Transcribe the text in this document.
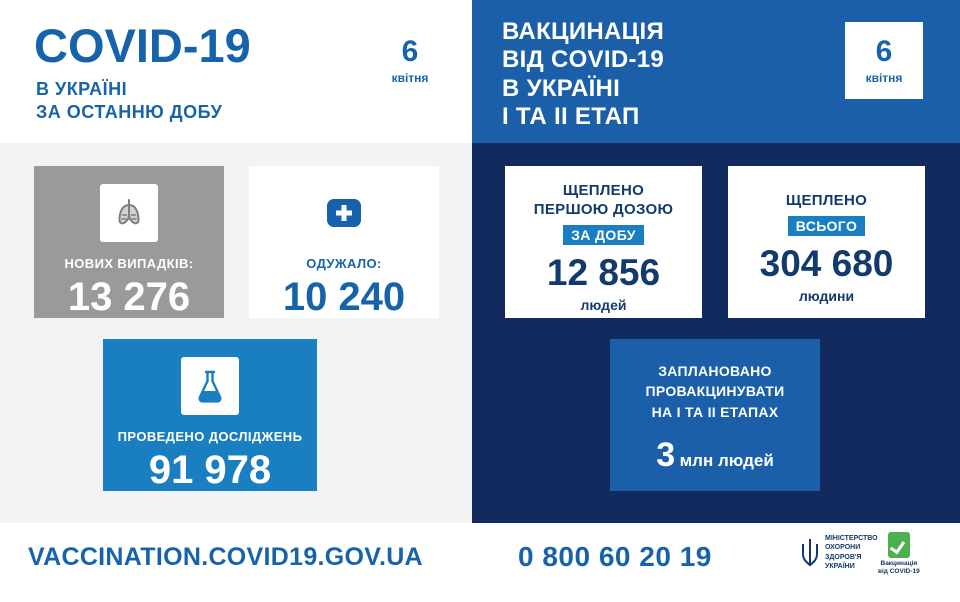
COVID-19
В УКРАЇНІ
ЗА ОСТАННЮ ДОБУ
6
квітня
ВАКЦИНАЦІЯ
ВІД COVID-19
В УКРАЇНІ
I ТА II ЕТАП
6
квітня
НОВИХ ВИПАДКІВ:
13 276
ОДУЖАЛО:
10 240
ПРОВЕДЕНО ДОСЛІДЖЕНЬ
91 978
ЩЕПЛЕНО
ПЕРШОЮ ДОЗОЮ
ЗА ДОБУ
12 856
людей
ЩЕПЛЕНО
ВСЬОГО
304 680
людини
ЗАПЛАНОВАНО
ПРОВАКЦИНУВАТИ
НА I ТА II ЕТАПАХ
3 млн людей
VACCINATION.COVID19.GOV.UA	0 800 60 20 19
МІНІСТЕРСТВО
ОХОРОНИ
ЗДОРОВ'Я
УКРАЇНИ	Вакцинація
від COVID-19
